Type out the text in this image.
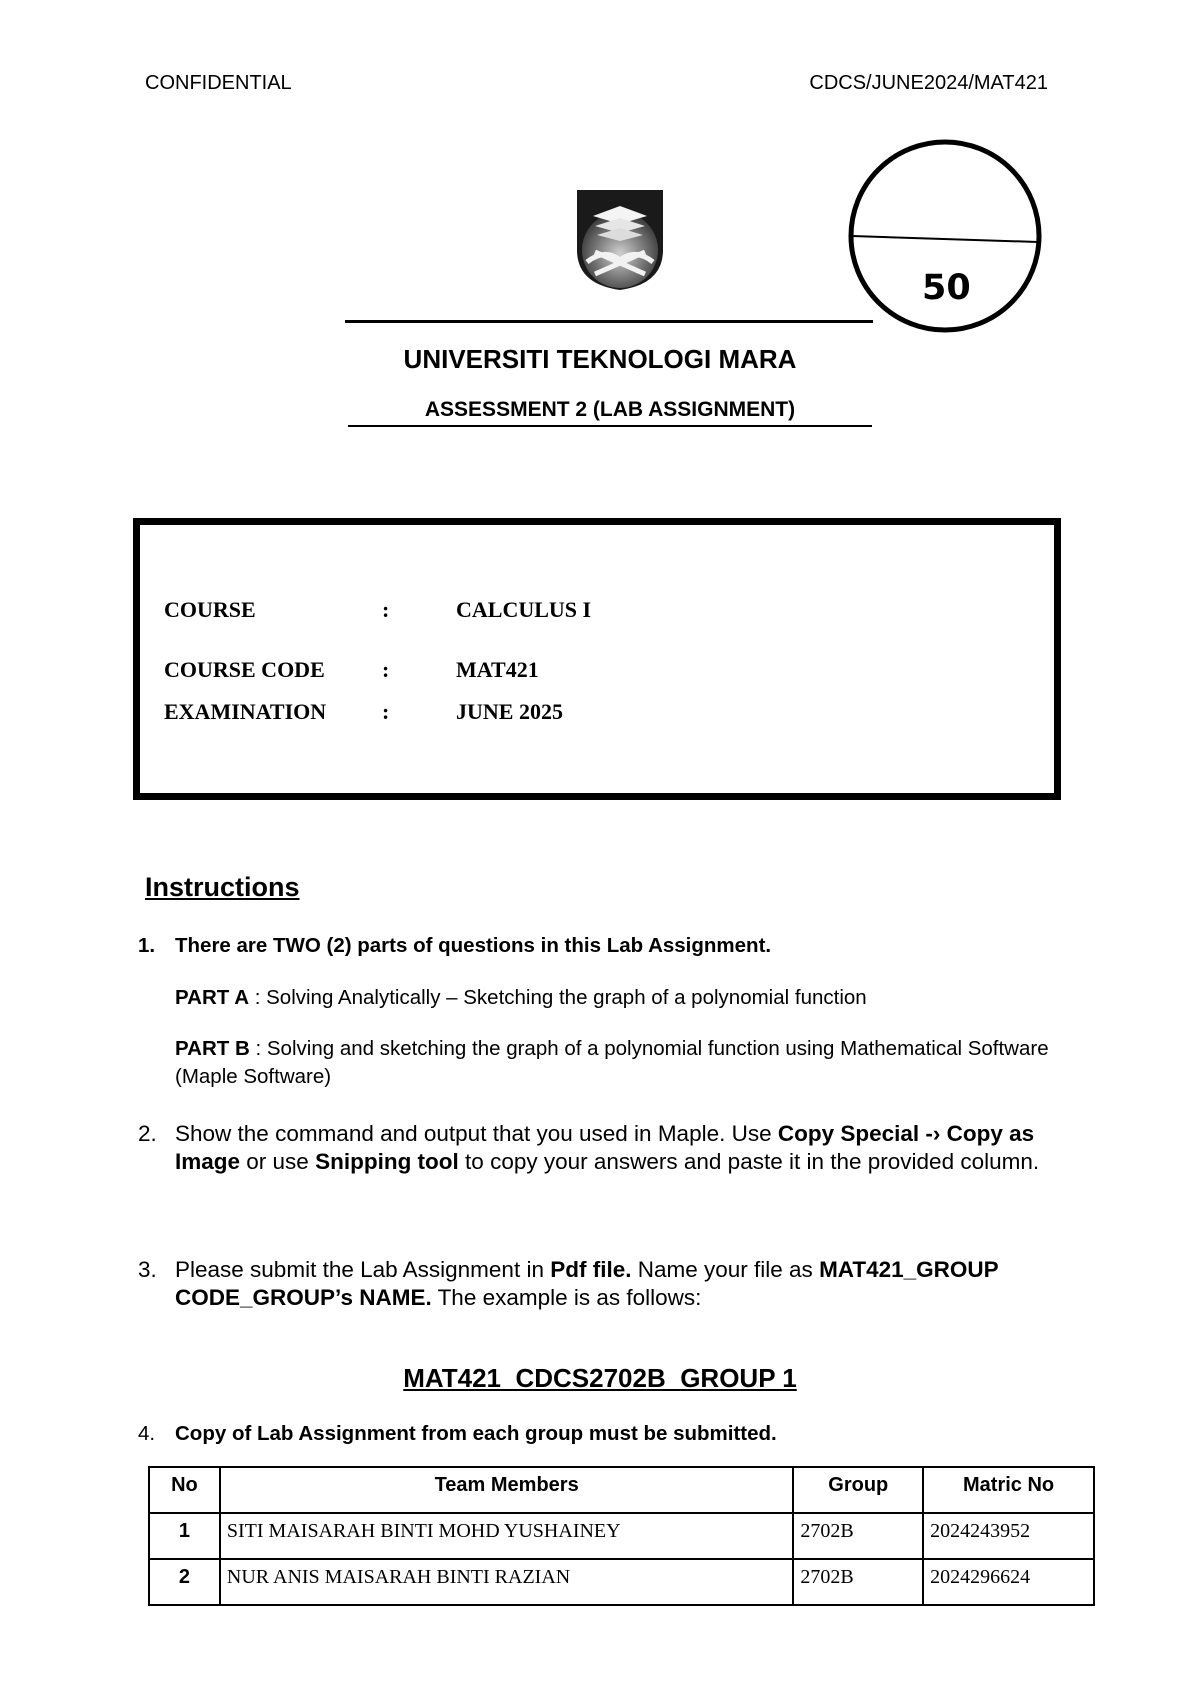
CONFIDENTIAL	CDCS/JUNE2024/MAT421
50
UNIVERSITI TEKNOLOGI MARA
ASSESSMENT 2 (LAB ASSIGNMENT)
COURSE	:	CALCULUS I
COURSE CODE	:	MAT421
EXAMINATION	:	JUNE 2025
Instructions
1. There are TWO (2) parts of questions in this Lab Assignment.
PART A : Solving Analytically – Sketching the graph of a polynomial function
PART B : Solving and sketching the graph of a polynomial function using Mathematical Software (Maple Software)
2. Show the command and output that you used in Maple. Use Copy Special -› Copy as Image or use Snipping tool to copy your answers and paste it in the provided column.
3. Please submit the Lab Assignment in Pdf file. Name your file as MAT421_GROUP CODE_GROUP’s NAME. The example is as follows:
MAT421_CDCS2702B_GROUP 1
4. Copy of Lab Assignment from each group must be submitted.
No	Team Members	Group	Matric No
1	SITI MAISARAH BINTI MOHD YUSHAINEY	2702B	2024243952
2	NUR ANIS MAISARAH BINTI RAZIAN	2702B	2024296624
